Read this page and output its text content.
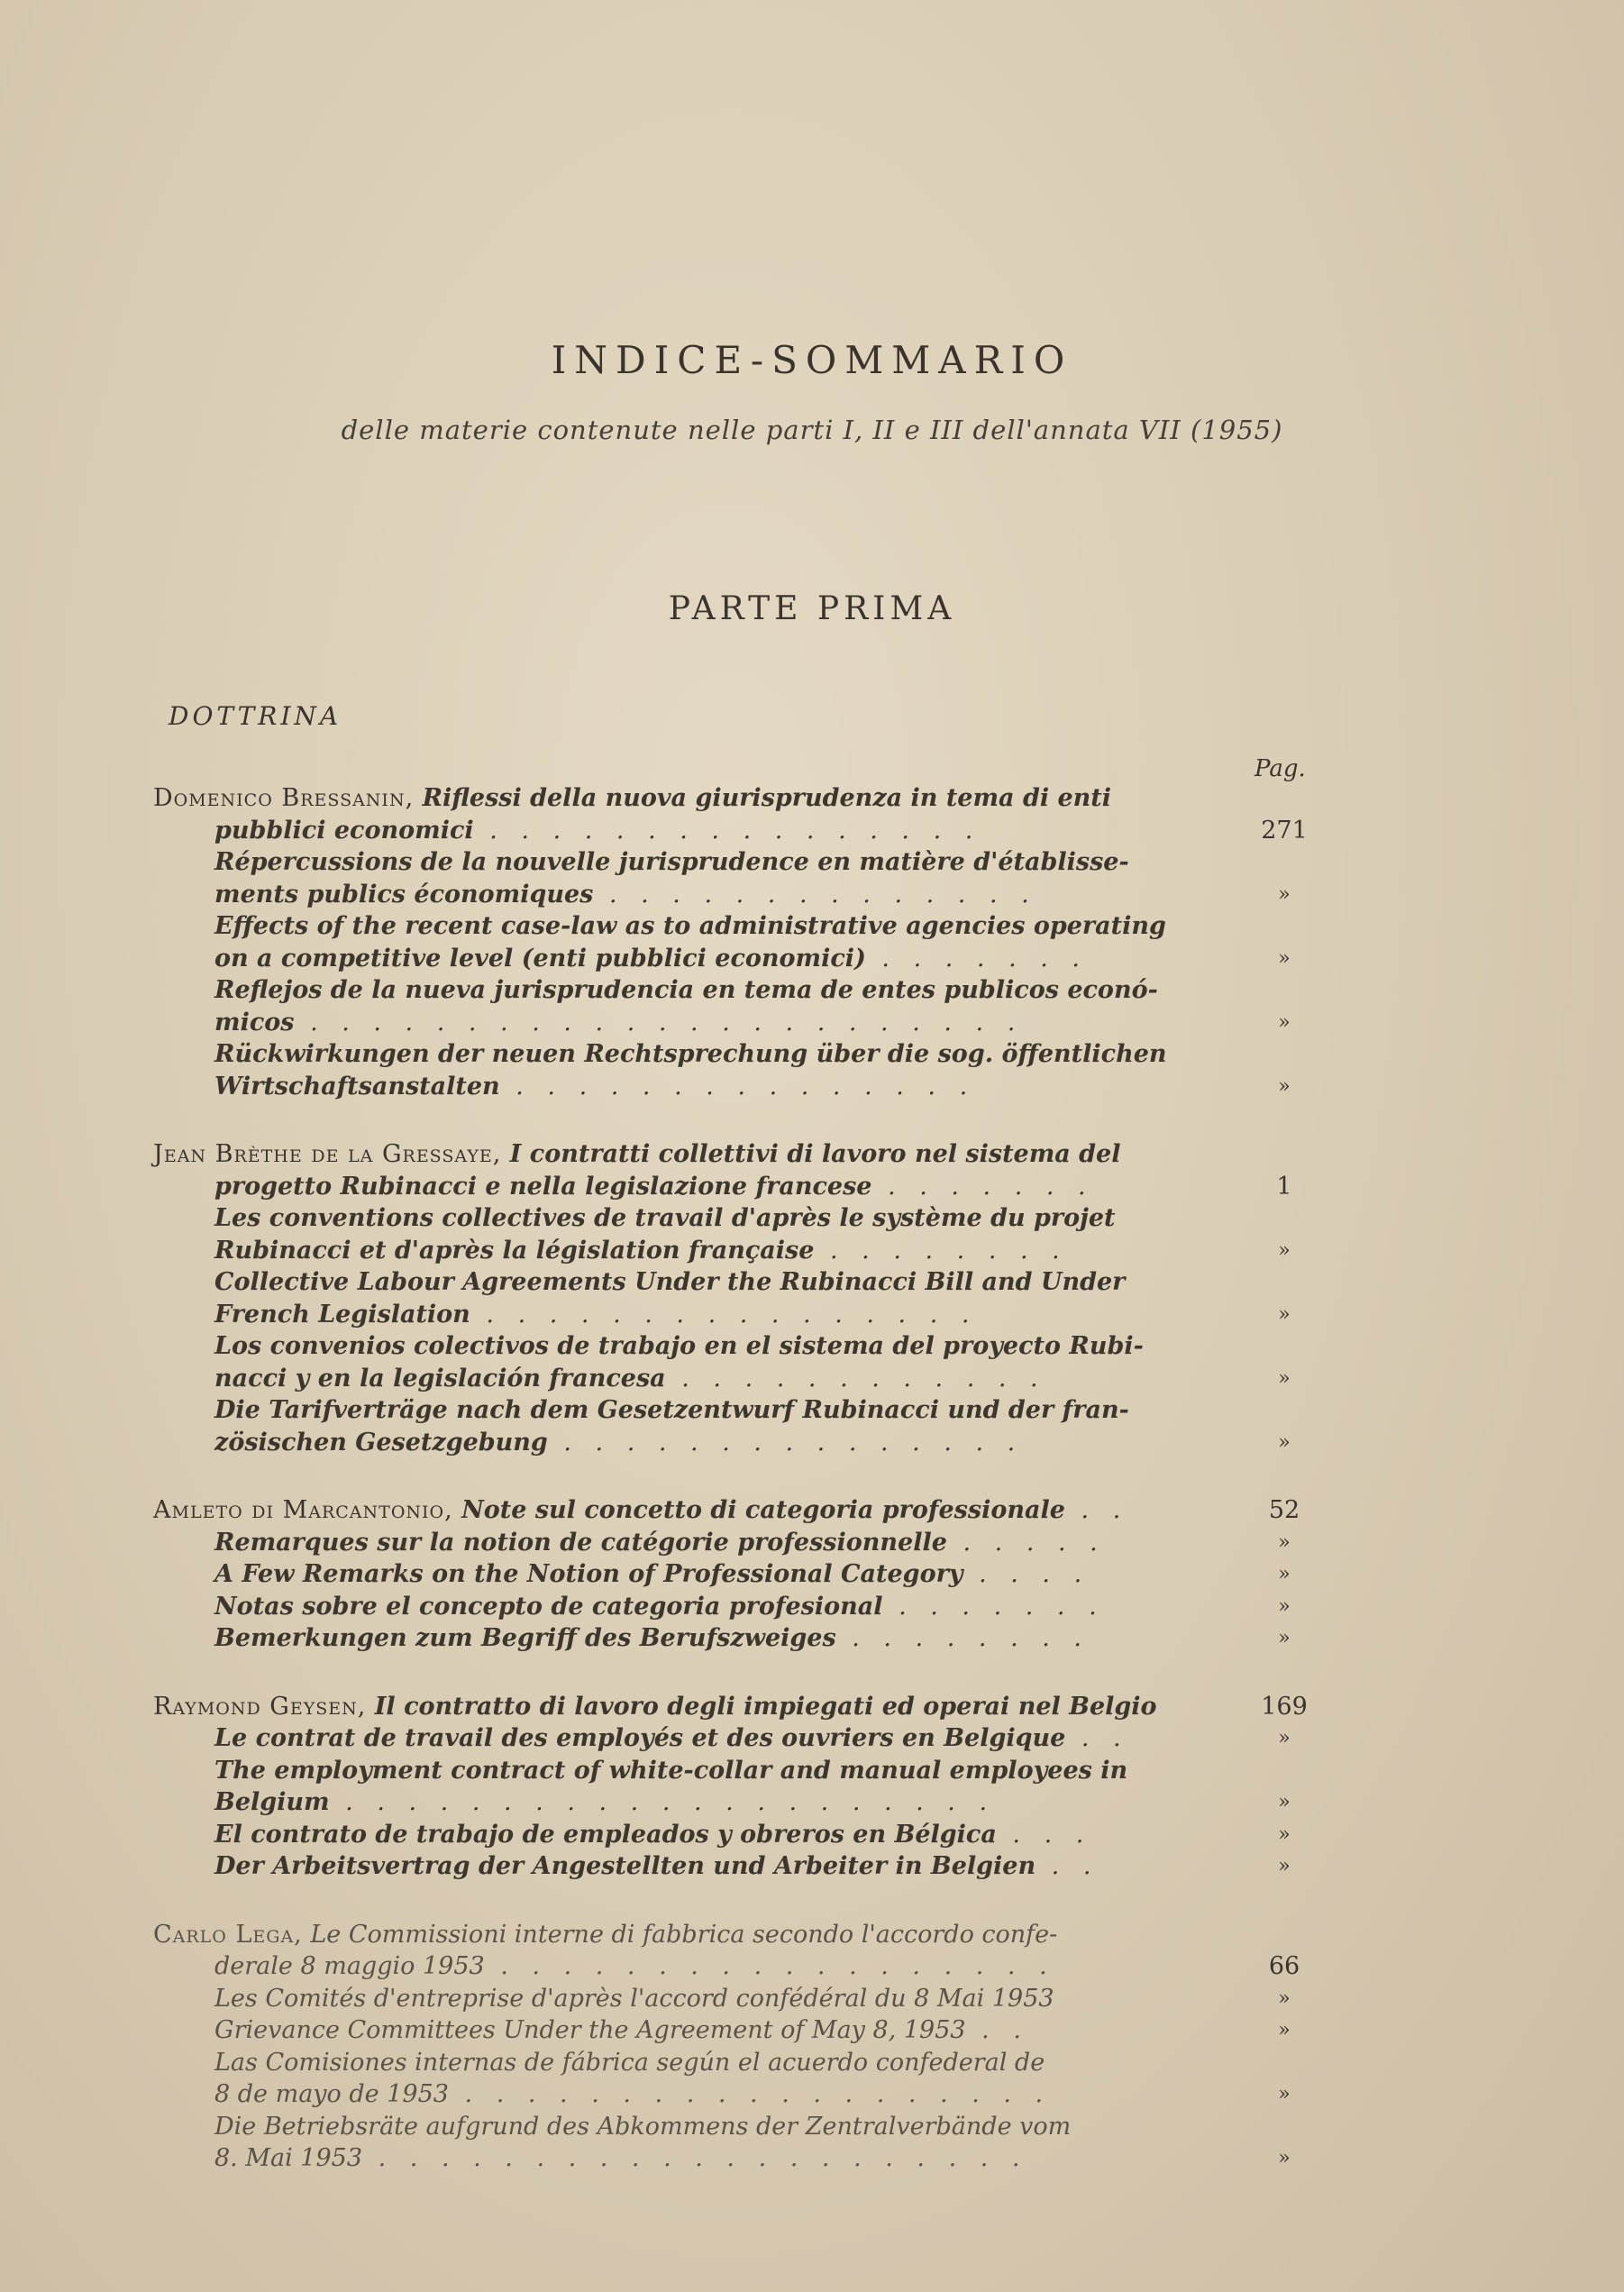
INDICE-SOMMARIO
delle materie contenute nelle parti I, II e III dell'annata VII (1955)
PARTE PRIMA
DOTTRINA
Pag.
Domenico Bressanin, Riflessi della nuova giurisprudenza in tema di enti
pubblici economici . . . . . . . . . . . . . . . .	271
Répercussions de la nouvelle jurisprudence en matière d'établisse-
ments publics économiques . . . . . . . . . . . . . .	»
Effects of the recent case-law as to administrative agencies operating
on a competitive level (enti pubblici economici) . . . . . . .	»
Reflejos de la nueva jurisprudencia en tema de entes publicos econó-
micos . . . . . . . . . . . . . . . . . . . . . . .	»
Rückwirkungen der neuen Rechtsprechung über die sog. öffentlichen
Wirtschaftsanstalten . . . . . . . . . . . . . . .	»
Jean Brèthe de la Gressaye, I contratti collettivi di lavoro nel sistema del
progetto Rubinacci e nella legislazione francese . . . . . . .	1
Les conventions collectives de travail d'après le système du projet
Rubinacci et d'après la législation française . . . . . . . .	»
Collective Labour Agreements Under the Rubinacci Bill and Under
French Legislation . . . . . . . . . . . . . . . .	»
Los convenios colectivos de trabajo en el sistema del proyecto Rubi-
nacci y en la legislación francesa . . . . . . . . . . . .	»
Die Tarifverträge nach dem Gesetzentwurf Rubinacci und der fran-
zösischen Gesetzgebung . . . . . . . . . . . . . . .	»
Amleto di Marcantonio, Note sul concetto di categoria professionale . .	52
Remarques sur la notion de catégorie professionnelle . . . . .	»
A Few Remarks on the Notion of Professional Category . . . .	»
Notas sobre el concepto de categoria profesional . . . . . . .	»
Bemerkungen zum Begriff des Berufszweiges . . . . . . . .	»
Raymond Geysen, Il contratto di lavoro degli impiegati ed operai nel Belgio	169
Le contrat de travail des employés et des ouvriers en Belgique . .	»
The employment contract of white-collar and manual employees in
Belgium . . . . . . . . . . . . . . . . . . . . .	»
El contrato de trabajo de empleados y obreros en Bélgica . . .	»
Der Arbeitsvertrag der Angestellten und Arbeiter in Belgien . .	»
Carlo Lega, Le Commissioni interne di fabbrica secondo l'accordo confe-
derale 8 maggio 1953 . . . . . . . . . . . . . . . . . .	66
Les Comités d'entreprise d'après l'accord confédéral du 8 Mai 1953	»
Grievance Committees Under the Agreement of May 8, 1953 . .	»
Las Comisiones internas de fábrica según el acuerdo confederal de
8 de mayo de 1953 . . . . . . . . . . . . . . . . . . .	»
Die Betriebsräte aufgrund des Abkommens der Zentralverbände vom
8. Mai 1953 . . . . . . . . . . . . . . . . . . . . .	»
